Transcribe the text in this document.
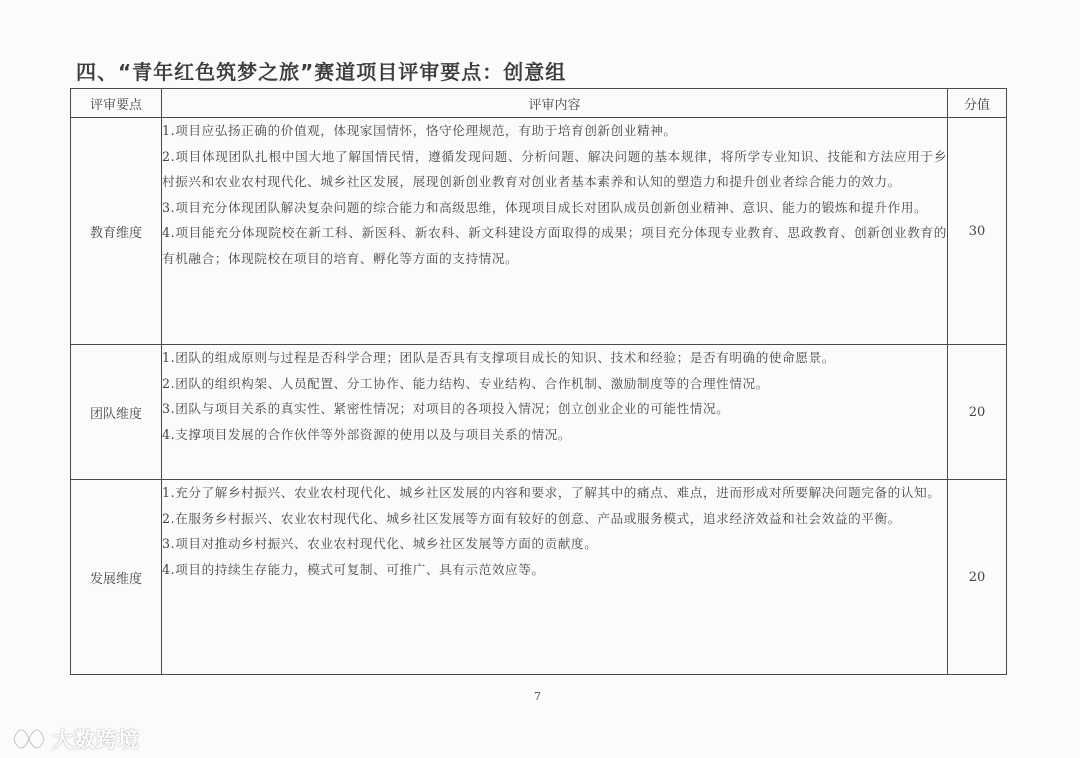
四、“青年红色筑梦之旅”赛道项目评审要点：创意组
评审要点	评审内容	分值
教育维度	1.项目应弘扬正确的价值观，体现家国情怀，恪守伦理规范，有助于培育创新创业精神。
2.项目体现团队扎根中国大地了解国情民情，遵循发现问题、分析问题、解决问题的基本规律，将所学专业知识、技能和方法应用于乡村振兴和农业农村现代化、城乡社区发展，展现创新创业教育对创业者基本素养和认知的塑造力和提升创业者综合能力的效力。
3.项目充分体现团队解决复杂问题的综合能力和高级思维，体现项目成长对团队成员创新创业精神、意识、能力的锻炼和提升作用。
4.项目能充分体现院校在新工科、新医科、新农科、新文科建设方面取得的成果；项目充分体现专业教育、思政教育、创新创业教育的有机融合；体现院校在项目的培育、孵化等方面的支持情况。	30
团队维度	1.团队的组成原则与过程是否科学合理；团队是否具有支撑项目成长的知识、技术和经验；是否有明确的使命愿景。
2.团队的组织构架、人员配置、分工协作、能力结构、专业结构、合作机制、激励制度等的合理性情况。
3.团队与项目关系的真实性、紧密性情况；对项目的各项投入情况；创立创业企业的可能性情况。
4.支撑项目发展的合作伙伴等外部资源的使用以及与项目关系的情况。	20
发展维度	1.充分了解乡村振兴、农业农村现代化、城乡社区发展的内容和要求，了解其中的痛点、难点，进而形成对所要解决问题完备的认知。
2.在服务乡村振兴、农业农村现代化、城乡社区发展等方面有较好的创意、产品或服务模式，追求经济效益和社会效益的平衡。
3.项目对推动乡村振兴、农业农村现代化、城乡社区发展等方面的贡献度。
4.项目的持续生存能力，模式可复制、可推广、具有示范效应等。	20
7
大数跨境
